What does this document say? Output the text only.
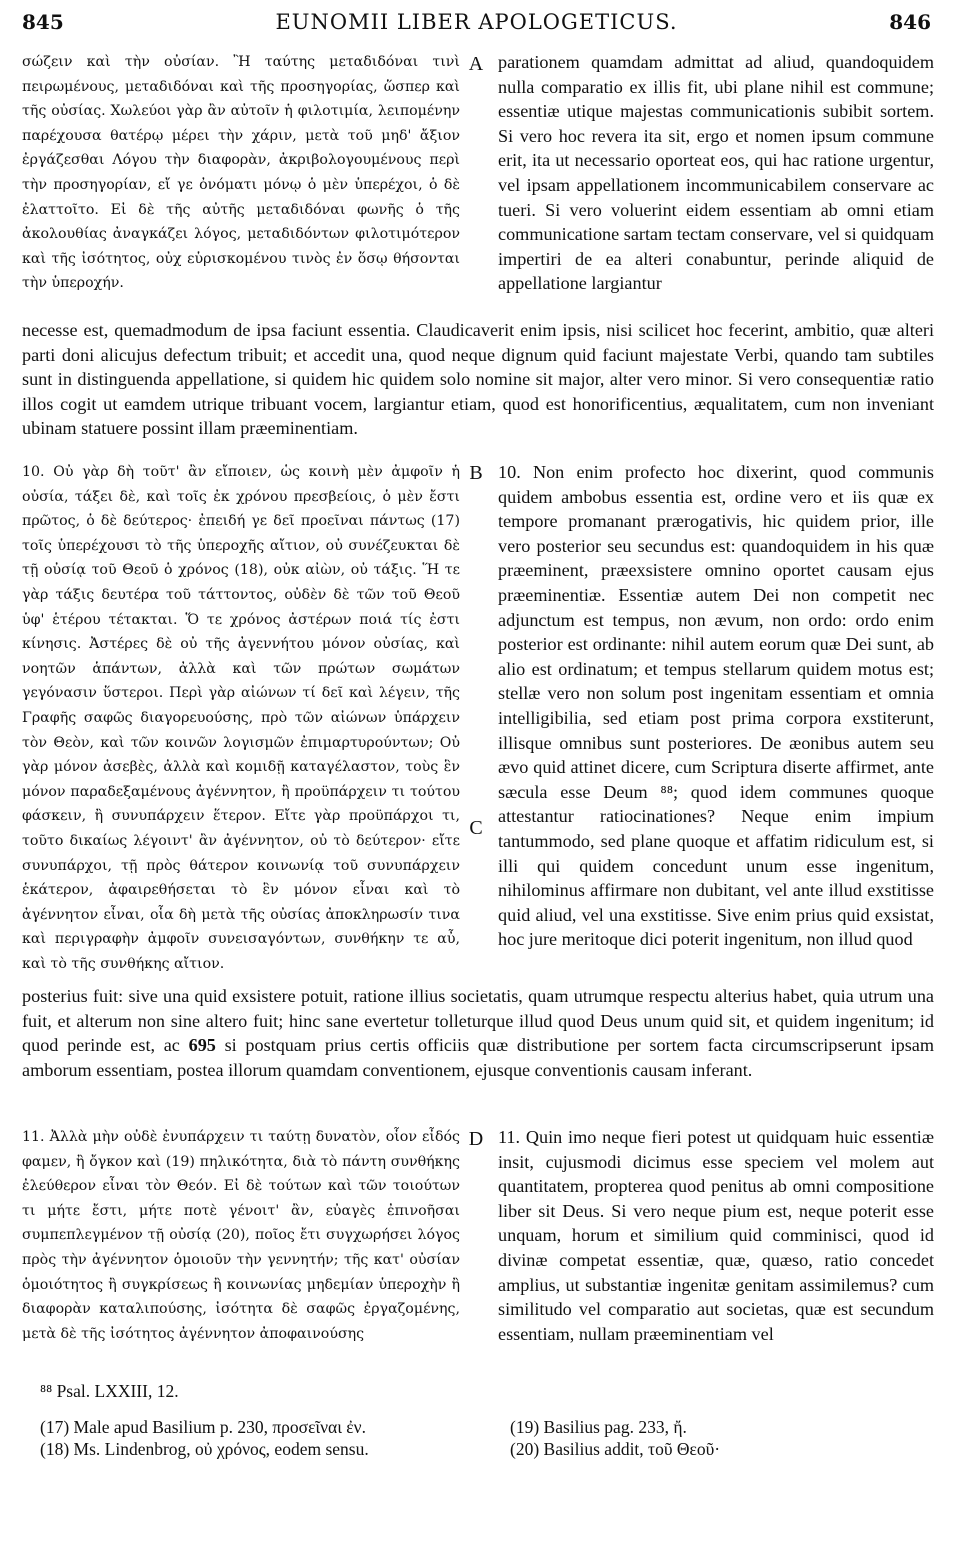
845	EUNOMII LIBER APOLOGETICUS.	846
σώζειν καὶ τὴν οὐσίαν. Ἢ ταύτης μεταδιδόναι τινὶ πειρωμένους, μεταδιδόναι καὶ τῆς προσηγορίας, ὥσπερ καὶ τῆς οὐσίας. Χωλεύοι γὰρ ἂν αὐτοῖν ἡ φιλοτιμία, λειπομένην παρέχουσα θατέρῳ μέρει τὴν χάριν, μετὰ τοῦ μηδ' ἄξιον ἐργάζεσθαι Λόγου τὴν διαφορὰν, ἀκριβολογουμένους περὶ τὴν προσηγορίαν, εἴ γε ὀνόματι μόνῳ ὁ μὲν ὑπερέχοι, ὁ δὲ ἐλαττοῖτο. Εἰ δὲ τῆς αὐτῆς μεταδιδόναι φωνῆς ὁ τῆς ἀκολουθίας ἀναγκάζει λόγος, μεταδιδόντων φιλοτιμότερον καὶ τῆς ἰσότητος, οὐχ εὑρισκομένου τινὸς ἐν ὅσῳ θήσονται τὴν ὑπεροχήν.
A parationem quamdam admittat ad aliud, quandoquidem nulla comparatio ex illis fit, ubi plane nihil est commune; essentiæ utique majestas communicationis subibit sortem. Si vero hoc revera ita sit, ergo et nomen ipsum commune erit, ita ut necessario oporteat eos, qui hac ratione urgentur, vel ipsam appellationem incommunicabilem conservare ac tueri. Si vero voluerint eidem essentiam ab omni etiam communicatione sartam tectam conservare, vel si quidquam impertiri de ea alteri conabuntur, perinde aliquid de appellatione largiantur
necesse est, quemadmodum de ipsa faciunt essentia. Claudicaverit enim ipsis, nisi scilicet hoc fecerint, ambitio, quæ alteri parti doni alicujus defectum tribuit; et accedit una, quod neque dignum quid faciunt majestate Verbi, quando tam subtiles sunt in distinguenda appellatione, si quidem hic quidem solo nomine sit major, alter vero minor. Si vero consequentiæ ratio illos cogit ut eamdem utrique tribuant vocem, largiantur etiam, quod est honorificentius, æqualitatem, cum non inveniant ubinam statuere possint illam præeminentiam.
10. Οὐ γὰρ δὴ τοῦτ' ἂν εἴποιεν, ὡς κοινὴ μὲν ἀμφοῖν ἡ οὐσία, τάξει δὲ, καὶ τοῖς ἐκ χρόνου πρεσβείοις, ὁ μὲν ἔστι πρῶτος, ὁ δὲ δεύτερος· ἐπειδή γε δεῖ προεῖναι πάντως (17) τοῖς ὑπερέχουσι τὸ τῆς ὑπεροχῆς αἴτιον, οὐ συνέζευκται δὲ τῇ οὐσίᾳ τοῦ Θεοῦ ὁ χρόνος (18), οὐκ αἰὼν, οὐ τάξις. Ἥ τε γὰρ τάξις δευτέρα τοῦ τάττοντος, οὐδὲν δὲ τῶν τοῦ Θεοῦ ὑφ' ἑτέρου τέτακται. Ὅ τε χρόνος ἀστέρων ποιά τίς ἐστι κίνησις. Ἀστέρες δὲ οὐ τῆς ἀγεννήτου μόνον οὐσίας, καὶ νοητῶν ἁπάντων, ἀλλὰ καὶ τῶν πρώτων σωμάτων γεγόνασιν ὕστεροι. Περὶ γὰρ αἰώνων τί δεῖ καὶ λέγειν, τῆς Γραφῆς σαφῶς διαγορευούσης, πρὸ τῶν αἰώνων ὑπάρχειν τὸν Θεὸν, καὶ τῶν κοινῶν λογισμῶν ἐπιμαρτυρούντων; Οὐ γὰρ μόνον ἀσεβὲς, ἀλλὰ καὶ κομιδῇ καταγέλαστον, τοὺς ἓν μόνον παραδεξαμένους ἀγέννητον, ἢ προϋπάρχειν τι τούτου φάσκειν, ἢ συνυπάρχειν ἕτερον. Εἴτε γὰρ προϋπάρχοι τι, τοῦτο δικαίως λέγοιντ' ἂν ἀγέννητον, οὐ τὸ δεύτερον· εἴτε συνυπάρχοι, τῇ πρὸς θάτερον κοινωνίᾳ τοῦ συνυπάρχειν ἑκάτερον, ἀφαιρεθήσεται τὸ ἓν μόνον εἶναι καὶ τὸ ἀγέννητον εἶναι, οἷα δὴ μετὰ τῆς οὐσίας ἀποκληρωσίν τινα καὶ περιγραφὴν ἀμφοῖν συνεισαγόντων, συνθήκην τε αὖ, καὶ τὸ τῆς συνθήκης αἴτιον.
B
C
10. Non enim profecto hoc dixerint, quod communis quidem ambobus essentia est, ordine vero et iis quæ ex tempore promanant prærogativis, hic quidem prior, ille vero posterior seu secundus est: quandoquidem in his quæ præeminent, præexsistere omnino oportet causam ejus præeminentiæ. Essentiæ autem Dei non competit nec adjunctum est tempus, non ævum, non ordo: ordo enim posterior est ordinante: nihil autem eorum quæ Dei sunt, ab alio est ordinatum; et tempus stellarum quidem motus est; stellæ vero non solum post ingenitam essentiam et omnia intelligibilia, sed etiam post prima corpora exstiterunt, illisque omnibus sunt posteriores. De æonibus autem seu ævo quid attinet dicere, cum Scriptura diserte affirmet, ante sæcula esse Deum ⁸⁸; quod idem communes quoque attestantur ratiocinationes? Neque enim impium tantummodo, sed plane quoque et affatim ridiculum est, si illi qui quidem concedunt unum esse ingenitum, nihilominus affirmare non dubitant, vel ante illud exstitisse quid aliud, vel una exstitisse. Sive enim prius quid exsistat, hoc jure meritoque dici poterit ingenitum, non illud quod
posterius fuit: sive una quid exsistere potuit, ratione illius societatis, quam utrumque respectu alterius habet, quia utrum una fuit, et alterum non sine altero fuit; hinc sane evertetur tolleturque illud quod Deus unum quid sit, et quidem ingenitum; id quod perinde est, ac 695 si postquam prius certis officiis quæ distributione per sortem facta circumscripserunt ipsam amborum essentiam, postea illorum quamdam conventionem, ejusque conventionis causam inferant.
11. Ἀλλὰ μὴν οὐδὲ ἐνυπάρχειν τι ταύτῃ δυνατὸν, οἷον εἶδός φαμεν, ἢ ὄγκον καὶ (19) πηλικότητα, διὰ τὸ πάντη συνθήκης ἐλεύθερον εἶναι τὸν Θεόν. Εἰ δὲ τούτων καὶ τῶν τοιούτων τι μήτε ἔστι, μήτε ποτὲ γένοιτ' ἂν, εὐαγὲς ἐπινοῆσαι συμπεπλεγμένον τῇ οὐσίᾳ (20), ποῖος ἔτι συγχωρήσει λόγος πρὸς τὴν ἀγέννητον ὁμοιοῦν τὴν γεννητήν; τῆς κατ' οὐσίαν ὁμοιότητος ἢ συγκρίσεως ἢ κοινωνίας μηδεμίαν ὑπεροχὴν ἢ διαφορὰν καταλιπούσης, ἰσότητα δὲ σαφῶς ἐργαζομένης, μετὰ δὲ τῆς ἰσότητος ἀγέννητον ἀποφαινούσης
D 11. Quin imo neque fieri potest ut quidquam huic essentiæ insit, cujusmodi dicimus esse speciem vel molem aut quantitatem, propterea quod penitus ab omni compositione liber sit Deus. Si vero neque pium est, neque poterit esse unquam, horum et similium quid comminisci, quod id divinæ competat essentiæ, quæ, quæso, ratio concedet amplius, ut substantiæ ingenitæ genitam assimilemus? cum similitudo vel comparatio aut societas, quæ est secundum essentiam, nullam præeminentiam vel
⁸⁸ Psal. LXXIII, 12.
(17) Male apud Basilium p. 230, προσεῖναι ἐν.
(18) Ms. Lindenbrog, οὐ χρόνος, eodem sensu.
(19) Basilius pag. 233, ἤ.
(20) Basilius addit, τοῦ Θεοῦ·
